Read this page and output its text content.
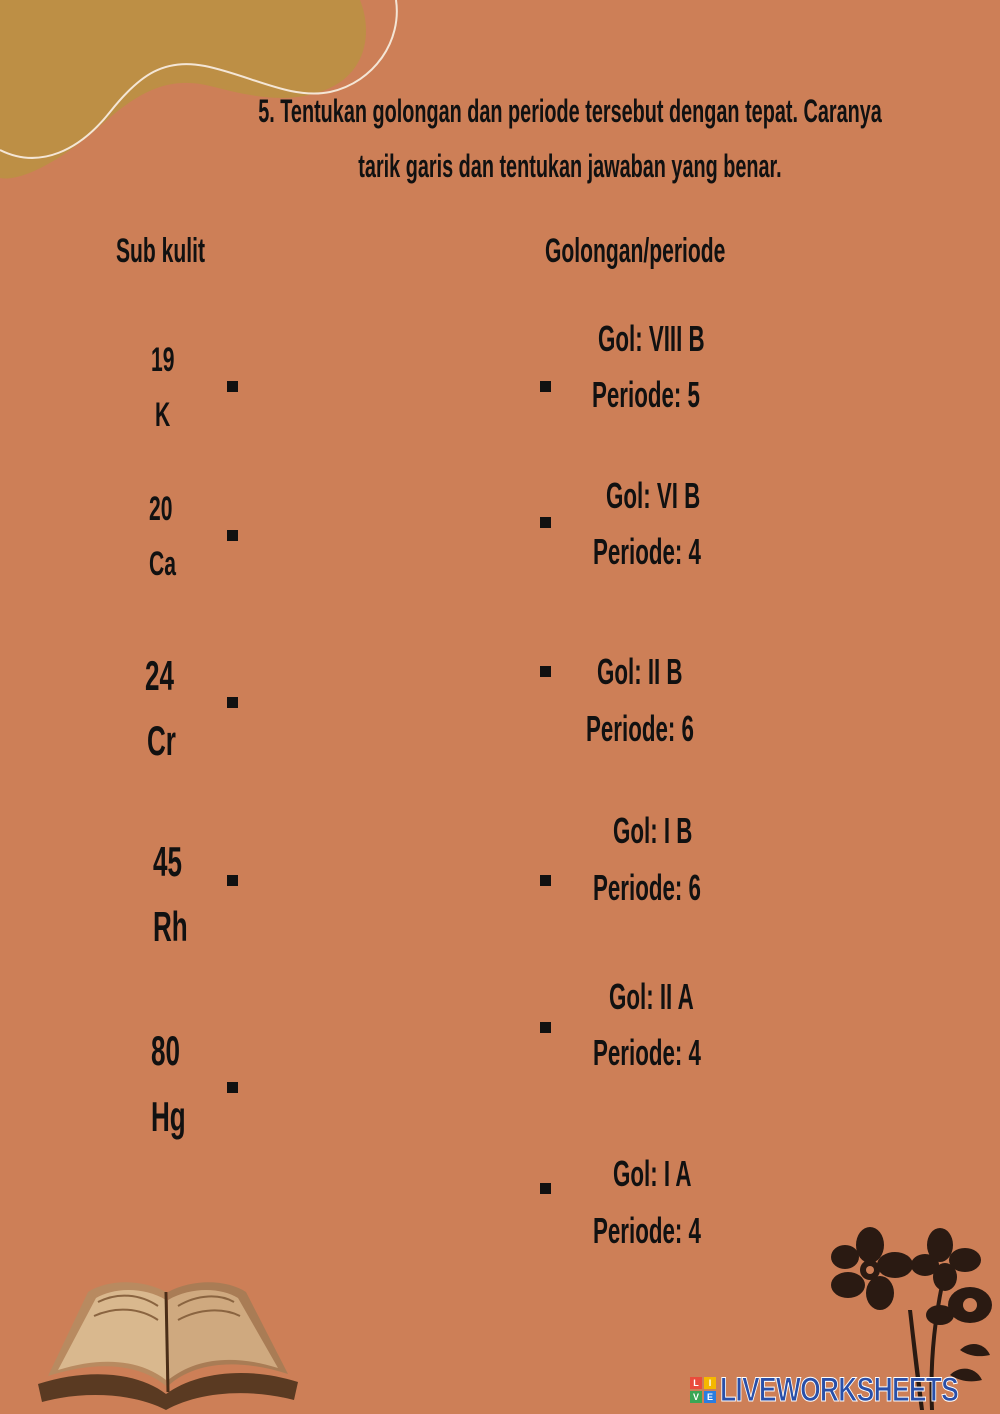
5. Tentukan golongan dan periode tersebut dengan tepat. Caranya
tarik garis dan tentukan jawaban yang benar.
Sub kulit	Golongan/periode
19
K
20
Ca
24
Cr
45
Rh
80
Hg
Gol: VIII B
Periode: 5
Gol: VI B
Periode: 4
Gol: II B
Periode: 6
Gol: I B
Periode: 6
Gol: II A
Periode: 4
Gol: I A
Periode: 4
L	I
V E LIVEWORKSHEETS
